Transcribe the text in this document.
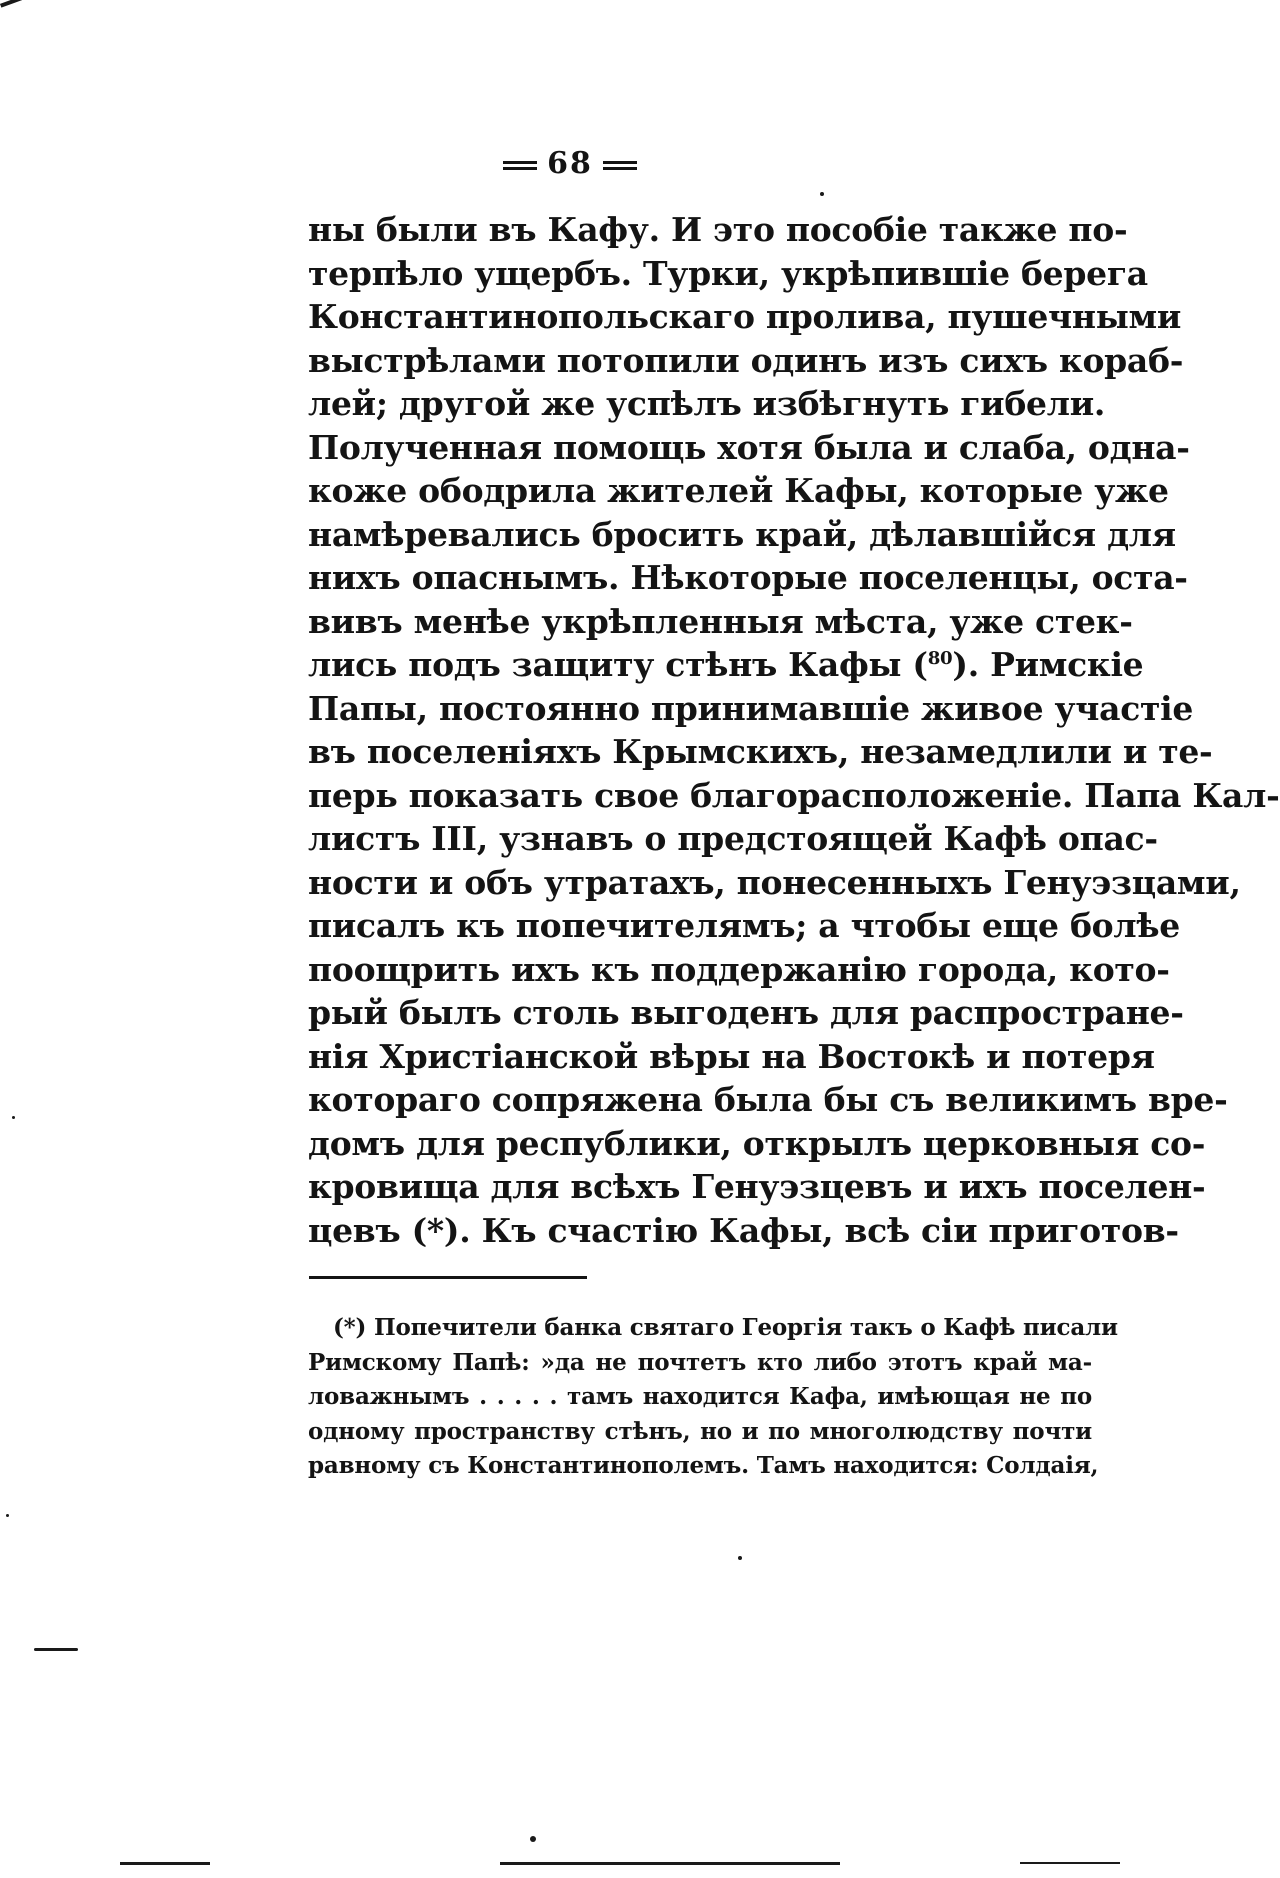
68
ны были въ Кафу. И это пособіе также по-
терпѣло ущербъ. Турки, укрѣпившіе берега
Константинопольскаго пролива, пушечными
выстрѣлами потопили одинъ изъ сихъ кораб-
лей; другой же успѣлъ избѣгнуть гибели.
Полученная помощь хотя была и слаба, одна-
коже ободрила жителей Кафы, которые уже
намѣревались бросить край, дѣлавшійся для
нихъ опаснымъ. Нѣкоторые поселенцы, оста-
вивъ менѣе укрѣпленныя мѣста, уже стек-
лись подъ защиту стѣнъ Кафы ($^{80}$). Римскіе
Папы, постоянно принимавшіе живое участіе
въ поселеніяхъ Крымскихъ, незамедлили и те-
перь показать свое благорасположеніе. Папа Кал-
листъ III, узнавъ о предстоящей Кафѣ опас-
ности и объ утратахъ, понесенныхъ Генуэзцами,
писалъ къ попечителямъ; а чтобы еще болѣе
поощрить ихъ къ поддержанію города, кото-
рый былъ столь выгоденъ для распростране-
нія Христіанской вѣры на Востокѣ и потеря
котораго сопряжена была бы съ великимъ вре-
домъ для республики, открылъ церковныя со-
кровища для всѣхъ Генуэзцевъ и ихъ поселен-
цевъ (*). Къ счастію Кафы, всѣ сіи приготов-
(*) Попечители банка святаго Георгія такъ о Кафѣ писали
Римскому Папѣ: »да не почтетъ кто либо этотъ край ма-
ловажнымъ . . . . . тамъ находится Кафа, имѣющая не по
одному пространству стѣнъ, но и по многолюдству почти
равному съ Константинополемъ. Тамъ находится: Солдаія,
